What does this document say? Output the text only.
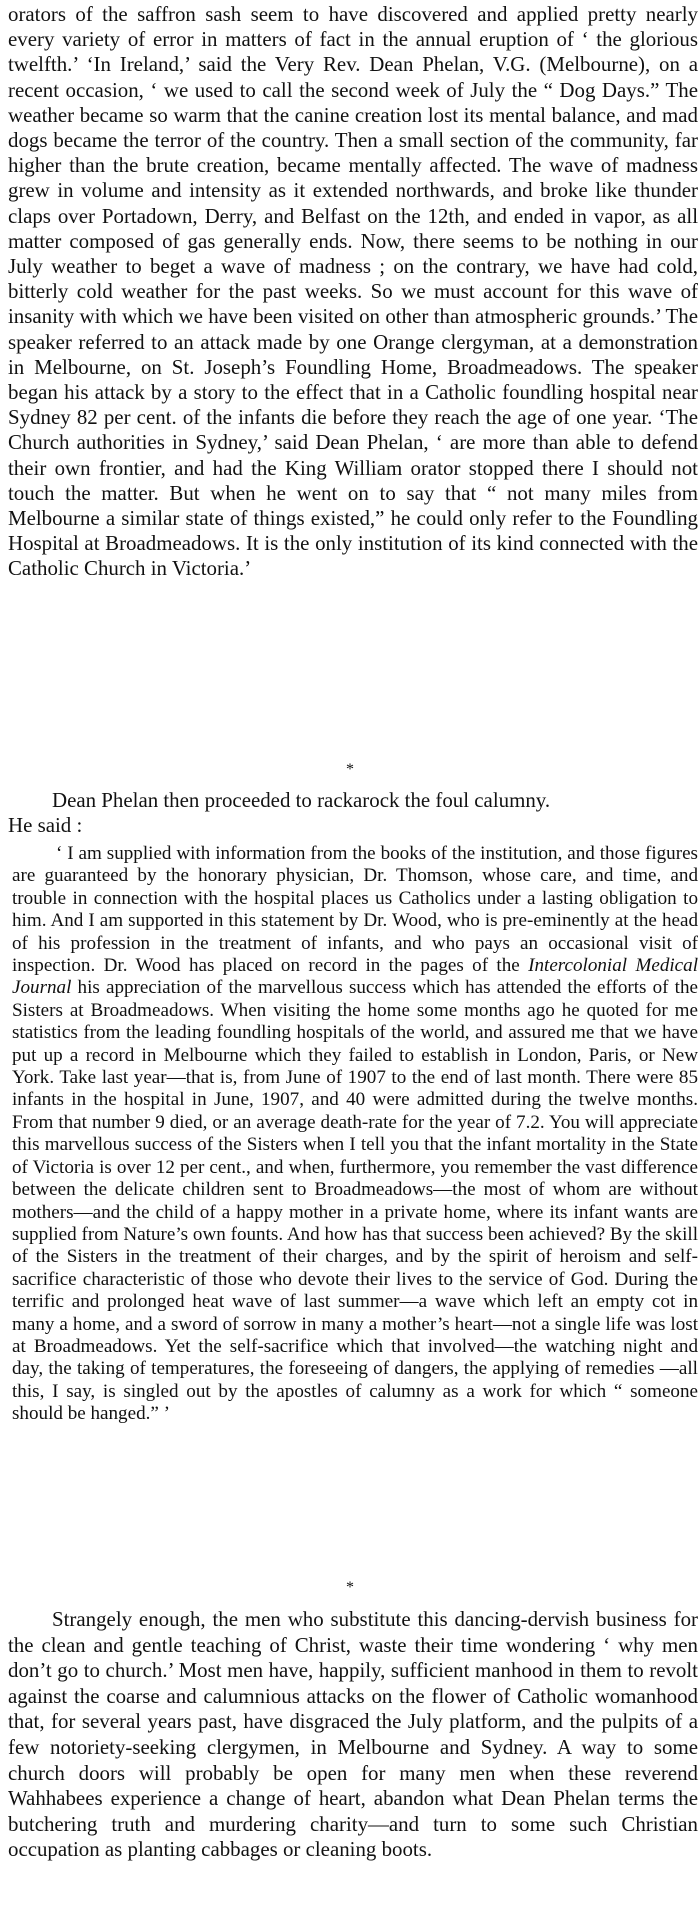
orators of the saffron sash seem to have discovered and applied pretty nearly every variety of error in matters of fact in the annual eruption of ‘ the glorious twelfth.’ ‘In Ireland,’ said the Very Rev. Dean Phelan, V.G. (Melbourne), on a recent occasion, ‘ we used to call the second week of July the “ Dog Days.” The weather became so warm that the canine creation lost its mental balance, and mad dogs became the terror of the country. Then a small section of the community, far higher than the brute creation, became mentally affected. The wave of madness grew in volume and intensity as it extended northwards, and broke like thunder claps over Portadown, Derry, and Belfast on the 12th, and ended in vapor, as all matter composed of gas generally ends. Now, there seems to be nothing in our July weather to beget a wave of madness ; on the contrary, we have had cold, bitterly cold weather for the past weeks. So we must account for this wave of insanity with which we have been visited on other than atmospheric grounds.’ The speaker referred to an attack made by one Orange clergyman, at a demonstration in Melbourne, on St. Joseph’s Foundling Home, Broadmeadows. The speaker began his attack by a story to the effect that in a Catholic foundling hospital near Sydney 82 per cent. of the infants die before they reach the age of one year. ‘The Church authorities in Sydney,’ said Dean Phelan, ‘ are more than able to defend their own frontier, and had the King William orator stopped there I should not touch the matter. But when he went on to say that “ not many miles from Melbourne a similar state of things existed,” he could only refer to the Foundling Hospital at Broadmeadows. It is the only institution of its kind connected with the Catholic Church in Victoria.’

*

Dean Phelan then proceeded to rackarock the foul calumny.

He said :

‘ I am supplied with information from the books of the institution, and those figures are guaranteed by the honorary physician, Dr. Thomson, whose care, and time, and trouble in connection with the hospital places us Catholics under a lasting obligation to him. And I am supported in this statement by Dr. Wood, who is pre-eminently at the head of his profession in the treatment of infants, and who pays an occasional visit of inspection. Dr. Wood has placed on record in the pages of the Intercolonial Medical Journal his appreciation of the marvellous success which has attended the efforts of the Sisters at Broadmeadows. When visiting the home some months ago he quoted for me statistics from the leading foundling hospitals of the world, and assured me that we have put up a record in Melbourne which they failed to establish in London, Paris, or New York. Take last year—that is, from June of 1907 to the end of last month. There were 85 infants in the hospital in June, 1907, and 40 were admitted during the twelve months. From that number 9 died, or an average death-rate for the year of 7.2. You will appreciate this marvellous success of the Sisters when I tell you that the infant mortality in the State of Victoria is over 12 per cent., and when, furthermore, you remember the vast difference between the delicate children sent to Broadmeadows—the most of whom are without mothers—and the child of a happy mother in a private home, where its infant wants are supplied from Nature’s own founts. And how has that success been achieved? By the skill of the Sisters in the treatment of their charges, and by the spirit of heroism and self-sacrifice characteristic of those who devote their lives to the service of God. During the terrific and prolonged heat wave of last summer—a wave which left an empty cot in many a home, and a sword of sorrow in many a mother’s heart—not a single life was lost at Broadmeadows. Yet the self-sacrifice which that involved—the watching night and day, the taking of temperatures, the foreseeing of dangers, the applying of remedies —all this, I say, is singled out by the apostles of calumny as a work for which “ someone should be hanged.” ’

*

Strangely enough, the men who substitute this dancing-dervish business for the clean and gentle teaching of Christ, waste their time wondering ‘ why men don’t go to church.’ Most men have, happily, sufficient manhood in them to revolt against the coarse and calumnious attacks on the flower of Catholic womanhood that, for several years past, have disgraced the July platform, and the pulpits of a few notoriety-seeking clergymen, in Melbourne and Sydney. A way to some church doors will probably be open for many men when these reverend Wahhabees experience a change of heart, abandon what Dean Phelan terms the butchering truth and murdering charity—and turn to some such Christian occupation as planting cabbages or cleaning boots.
